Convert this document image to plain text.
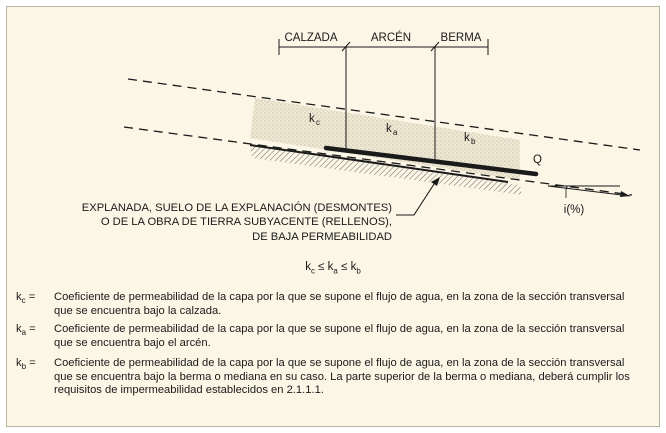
CALZADA	ARCÉN	BERMA
k c
k a	k b
Q
i(%)
EXPLANADA, SUELO DE LA EXPLANACIÓN (DESMONTES)
O DE LA OBRA DE TIERRA SUBYACENTE (RELLENOS),
DE BAJA PERMEABILIDAD
$k_c \le k_a \le k_b$
$k_c$ =	Coeficiente de permeabilidad de la capa por la que se supone el flujo de agua, en la zona de la sección transversal que se encuentra bajo la calzada.
$k_a$ =	Coeficiente de permeabilidad de la capa por la que se supone el flujo de agua, en la zona de la sección transversal que se encuentra bajo el arcén.
$k_b$ =	Coeficiente de permeabilidad de la capa por la que se supone el flujo de agua, en la zona de la sección transversal que se encuentra bajo la berma o mediana en su caso. La parte superior de la berma o mediana, deberá cumplir los requisitos de impermeabilidad establecidos en 2.1.1.1.
